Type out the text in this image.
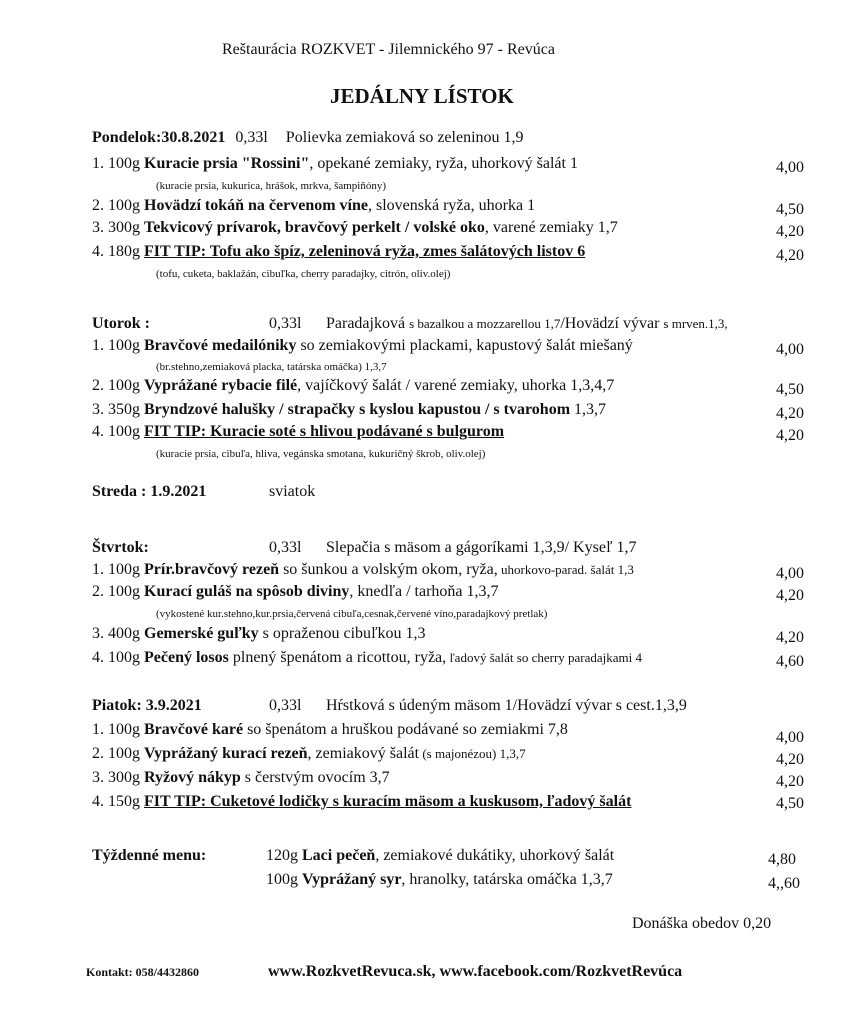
Reštaurácia ROZKVET - Jilemnického 97 - Revúca
JEDÁLNY LÍSTOK
Pondelok:30.8.2021 0,33l Polievka zemiaková so zeleninou 1,9
1. 100g Kuracie prsia "Rossini", opekané zemiaky, ryža, uhorkový šalát 1	4,00
(kuracie prsia, kukurica, hrášok, mrkva, šampiňóny)
2. 100g Hovädzí tokáň na červenom víne, slovenská ryža, uhorka 1	4,50
3. 300g Tekvicový prívarok, bravčový perkelt / volské oko, varené zemiaky 1,7	4,20
4. 180g FIT TIP: Tofu ako špíz, zeleninová ryža, zmes šalátových listov 6	4,20
(tofu, cuketa, baklažán, cibuľka, cherry paradajky, citrón, oliv.olej)
Utorok :	0,33l Paradajková s bazalkou a mozzarellou 1,7/Hovädzí vývar s mrven.1,3,
1. 100g Bravčové medailóniky so zemiakovými plackami, kapustový šalát miešaný	4,00
(br.stehno,zemiaková placka, tatárska omáčka) 1,3,7
2. 100g Vyprážané rybacie filé, vajíčkový šalát / varené zemiaky, uhorka 1,3,4,7	4,50
3. 350g Bryndzové halušky / strapačky s kyslou kapustou / s tvarohom 1,3,7	4,20
4. 100g FIT TIP: Kuracie soté s hlivou podávané s bulgurom	4,20
(kuracie prsia, cibuľa, hliva, vegánska smotana, kukuričný škrob, oliv.olej)
Streda : 1.9.2021	sviatok
Štvrtok:	0,33l Slepačia s mäsom a gágoríkami 1,3,9/ Kyseľ 1,7
1. 100g Prír.bravčový rezeň so šunkou a volským okom, ryža, uhorkovo-parad. šalát 1,3	4,00
2. 100g Kurací guláš na spôsob diviny, knedľa / tarhoňa 1,3,7	4,20
(vykostené kur.stehno,kur.prsia,červená cibuľa,cesnak,červené víno,paradajkový pretlak)
3. 400g Gemerské guľky s opraženou cibuľkou 1,3	4,20
4. 100g Pečený losos plnený špenátom a ricottou, ryža, ľadový šalát so cherry paradajkami 4	4,60
Piatok: 3.9.2021	0,33l Hŕstková s údeným mäsom 1/Hovädzí vývar s cest.1,3,9
1. 100g Bravčové karé so špenátom a hruškou podávané so zemiakmi 7,8	4,00
2. 100g Vyprážaný kurací rezeň, zemiakový šalát (s majonézou) 1,3,7	4,20
3. 300g Ryžový nákyp s čerstvým ovocím 3,7	4,20
4. 150g FIT TIP: Cuketové lodičky s kuracím mäsom a kuskusom, ľadový šalát	4,50
Týždenné menu:	120g Laci pečeň, zemiakové dukátiky, uhorkový šalát	4,80
100g Vyprážaný syr, hranolky, tatárska omáčka 1,3,7	4,,60
Donáška obedov 0,20
Kontakt: 058/4432860	www.RozkvetRevuca.sk, www.facebook.com/RozkvetRevúca
